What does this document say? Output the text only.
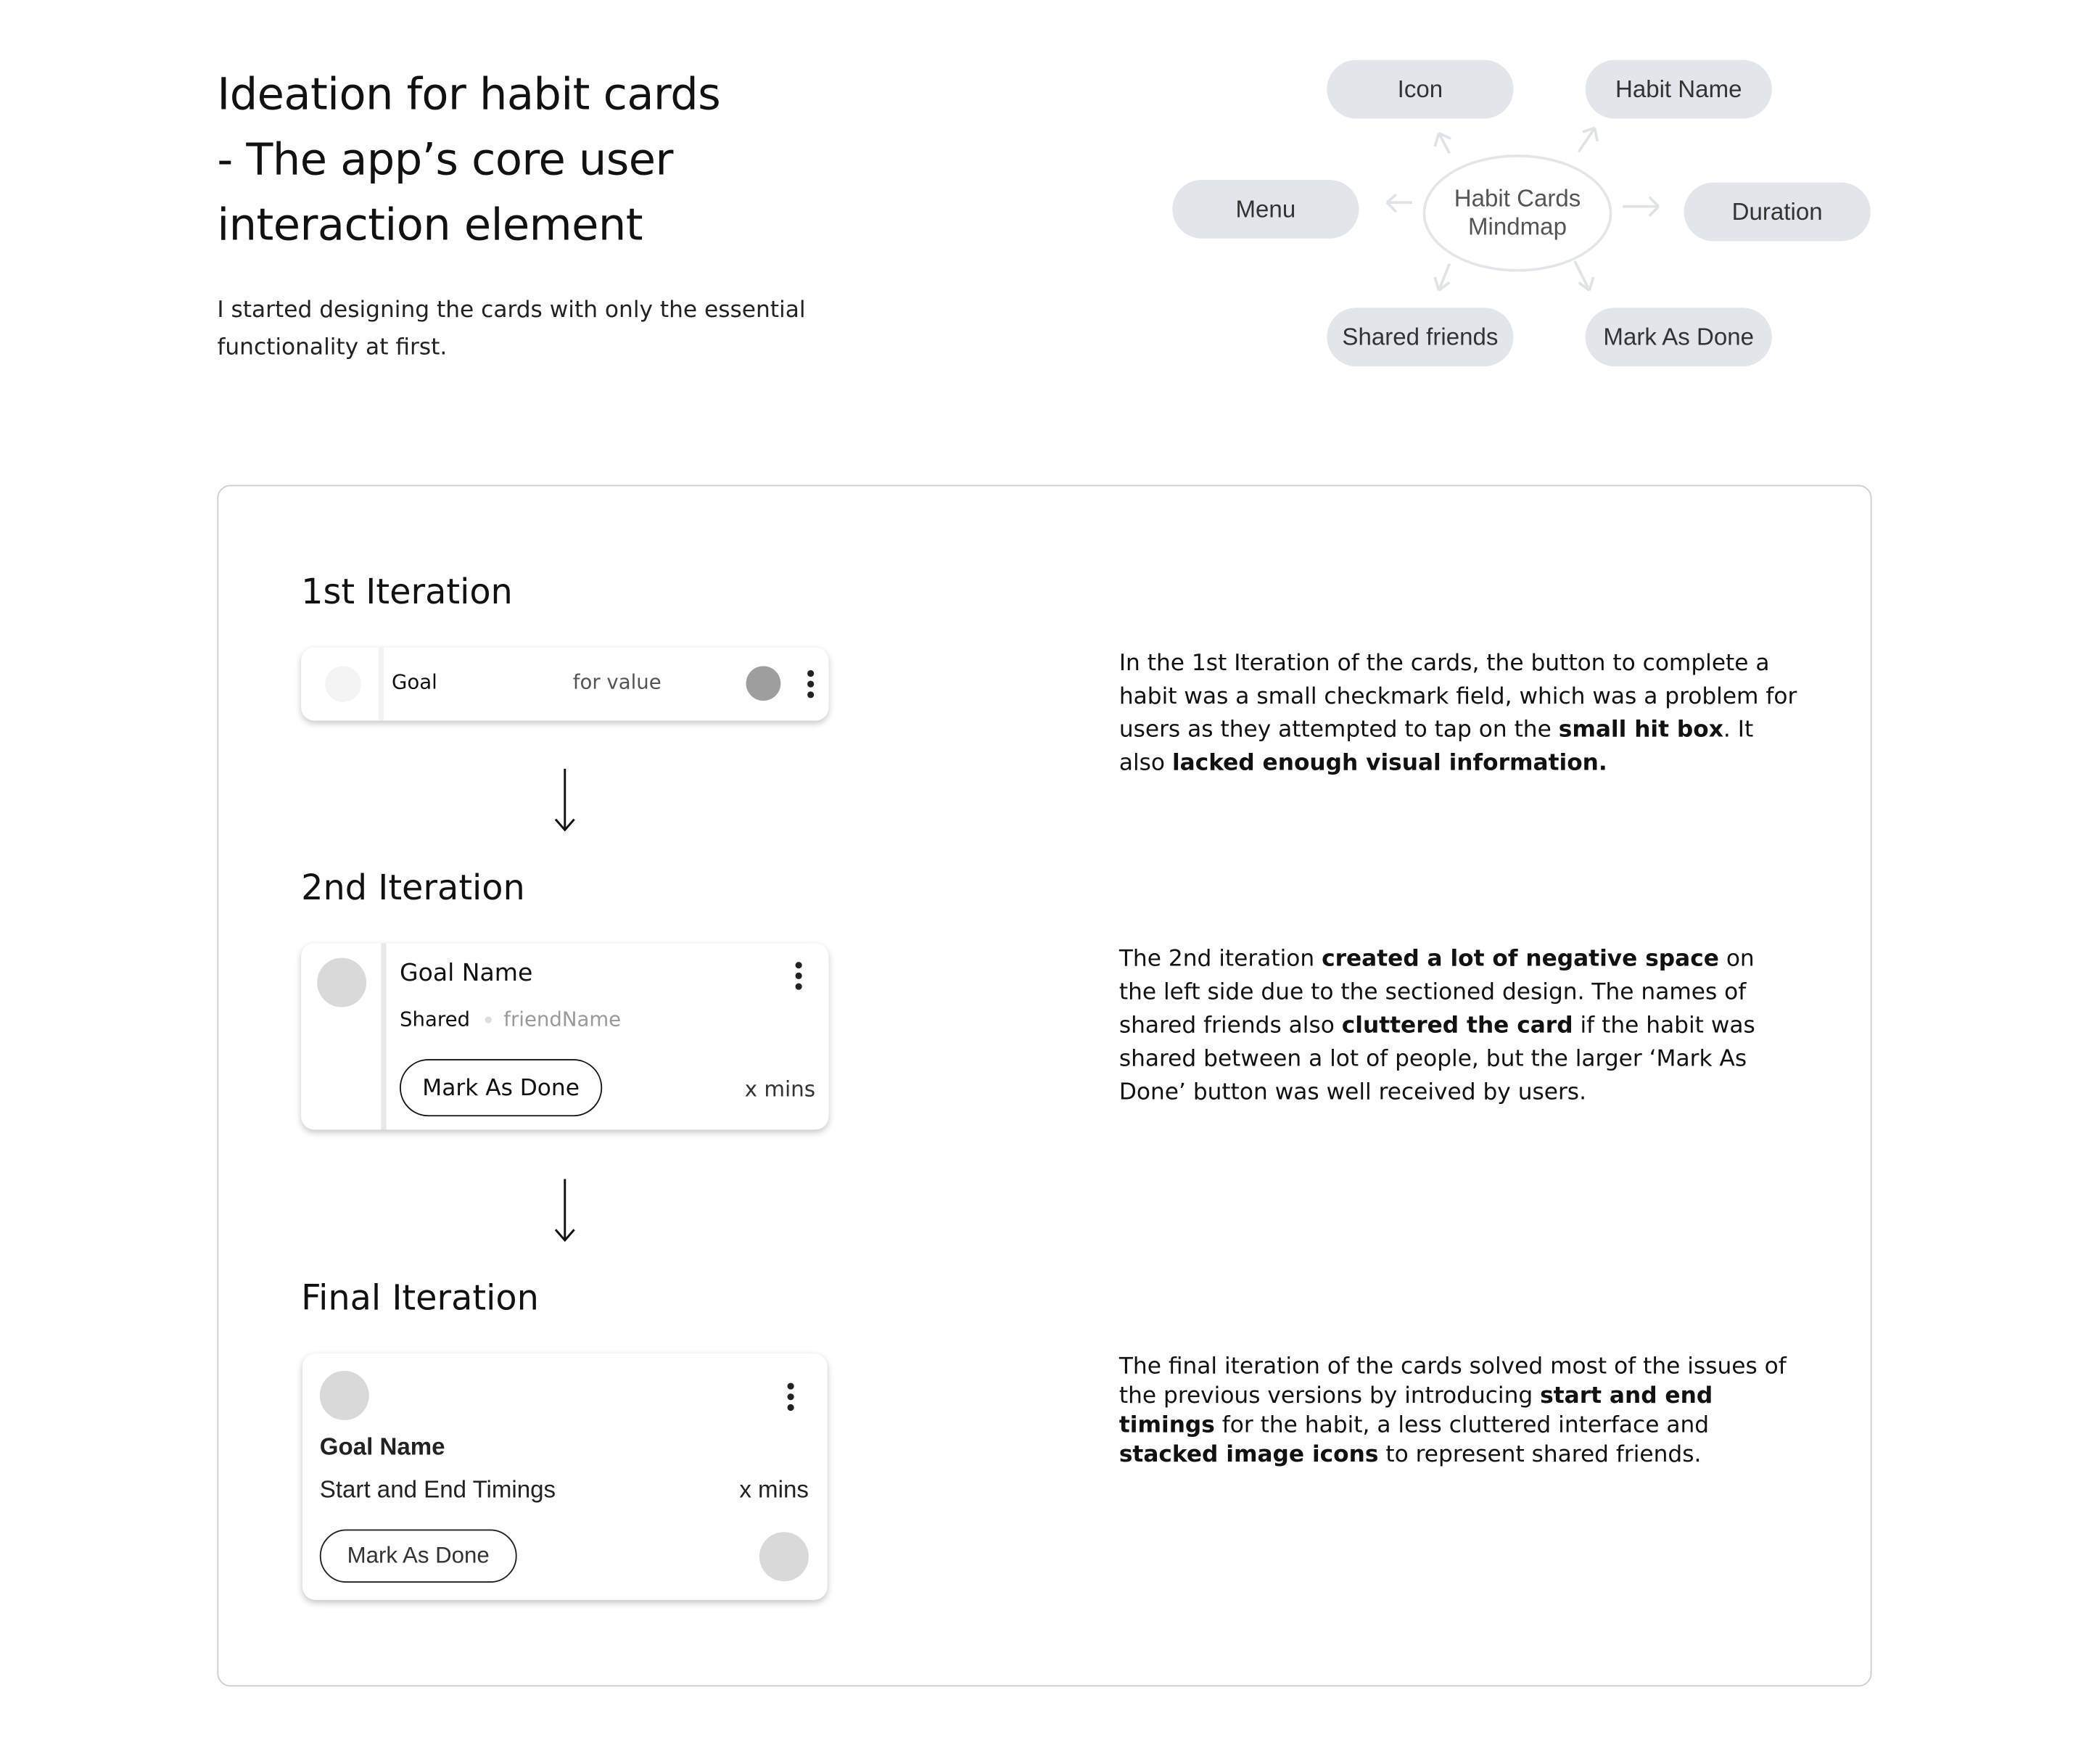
Ideation for habit cards
- The app’s core user
interaction element
I started designing the cards with only the essential
functionality at first.
Habit Cards
Mindmap
Icon	Habit Name
Menu	Duration
Shared friends	Mark As Done
1st Iteration
Goal	for value
In the 1st Iteration of the cards, the button to complete a habit was a small checkmark field, which was a problem for users as they attempted to tap on the small hit box. It also lacked enough visual information.
2nd Iteration
Goal Name
Shared	friendName
Mark As Done	x mins
The 2nd iteration created a lot of negative space on the left side due to the sectioned design. The names of shared friends also cluttered the card if the habit was shared between a lot of people, but the larger ‘Mark As Done’ button was well received by users.
Final Iteration
Goal Name
Start and End Timings	x mins
Mark As Done
The final iteration of the cards solved most of the issues of the previous versions by introducing start and end timings for the habit, a less cluttered interface and stacked image icons to represent shared friends.
